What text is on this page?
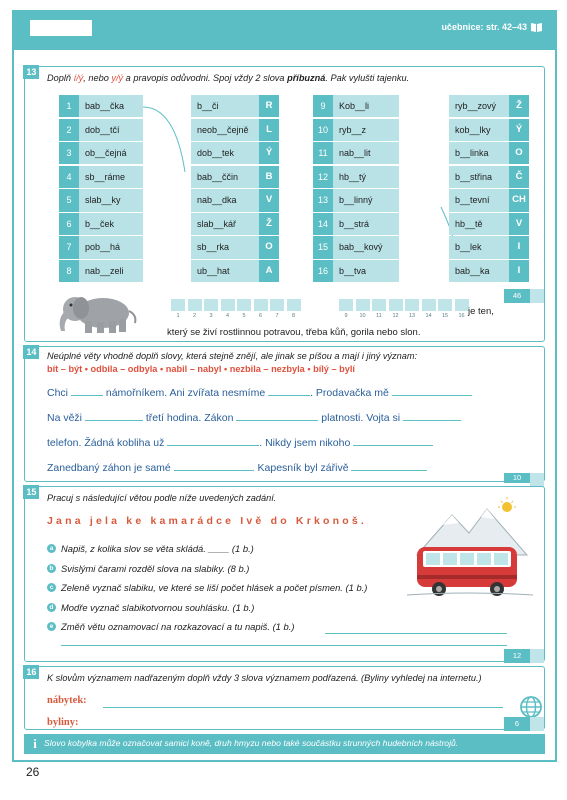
učebnice: str. 42–43
13
Doplň í/ý, nebo y/ý a pravopis odůvodni. Spoj vždy 2 slova příbuzná. Pak vylušti tajenku.
1	bab__čka
2	dob__tčí
3	ob__čejná
4	sb__ráme
5	slab__ky
6	b__ček
7	pob__há
8	nab__zeli
b__či	R
neob__čejně	L
dob__tek	Ý
bab__ččin	B
nab__dka	V
slab__kář	Ž
sb__rka	O
ub__hat	A
9	Kob__li
10	ryb__z
11	nab__lit
12	hb__tý
13	b__linný
14	b__strá
15	bab__kový
16	b__tva
ryb__zový	Ž
kob__lky	Ý
b__linka	O
b__střina	Č
b__tevní	CH
hb__tě	V
b__lek	I
bab__ka	I
46
1	2	3	4	5	6	7	8	9	10	11	12	13	14	15	16 je ten,
který se živí rostlinnou potravou, třeba kůň, gorila nebo slon.
14	Neúplné věty vhodně doplň slovy, která stejně znějí, ale jinak se píšou a mají i jiný význam:
bít – být • odbila – odbyla • nabil – nabyl • nezbila – nezbyla • bílý – bylí
Chci	námořníkem. Ani zvířata nesmíme	. Prodavačka mě
Na věži	třetí hodina. Zákon	platnosti. Vojta si
telefon. Žádná kobliha už	. Nikdy jsem nikoho
Zanedbaný záhon je samé	. Kapesník byl zářivě
10
15
Pracuj s následující větou podle níže uvedených zadání.
Jana jela ke kamarádce Ivě do Krkonoš.
a Napiš, z kolika slov se věta skládá. ____ (1 b.)
b Svislými čarami rozděl slova na slabiky. (8 b.)
c Zeleně vyznač slabiku, ve které se liší počet hlásek a počet písmen. (1 b.)
d Modře vyznač slabikotvornou souhlásku. (1 b.)
e Změň větu oznamovací na rozkazovací a tu napiš. (1 b.)
12
16
K slovům významem nadřazeným doplň vždy 3 slova významem podřazená. (Byliny vyhledej na internetu.)
nábytek:
byliny:	6
i Slovo kobylka může označovat samici koně, druh hmyzu nebo také součástku strunných hudebních nástrojů.
26
